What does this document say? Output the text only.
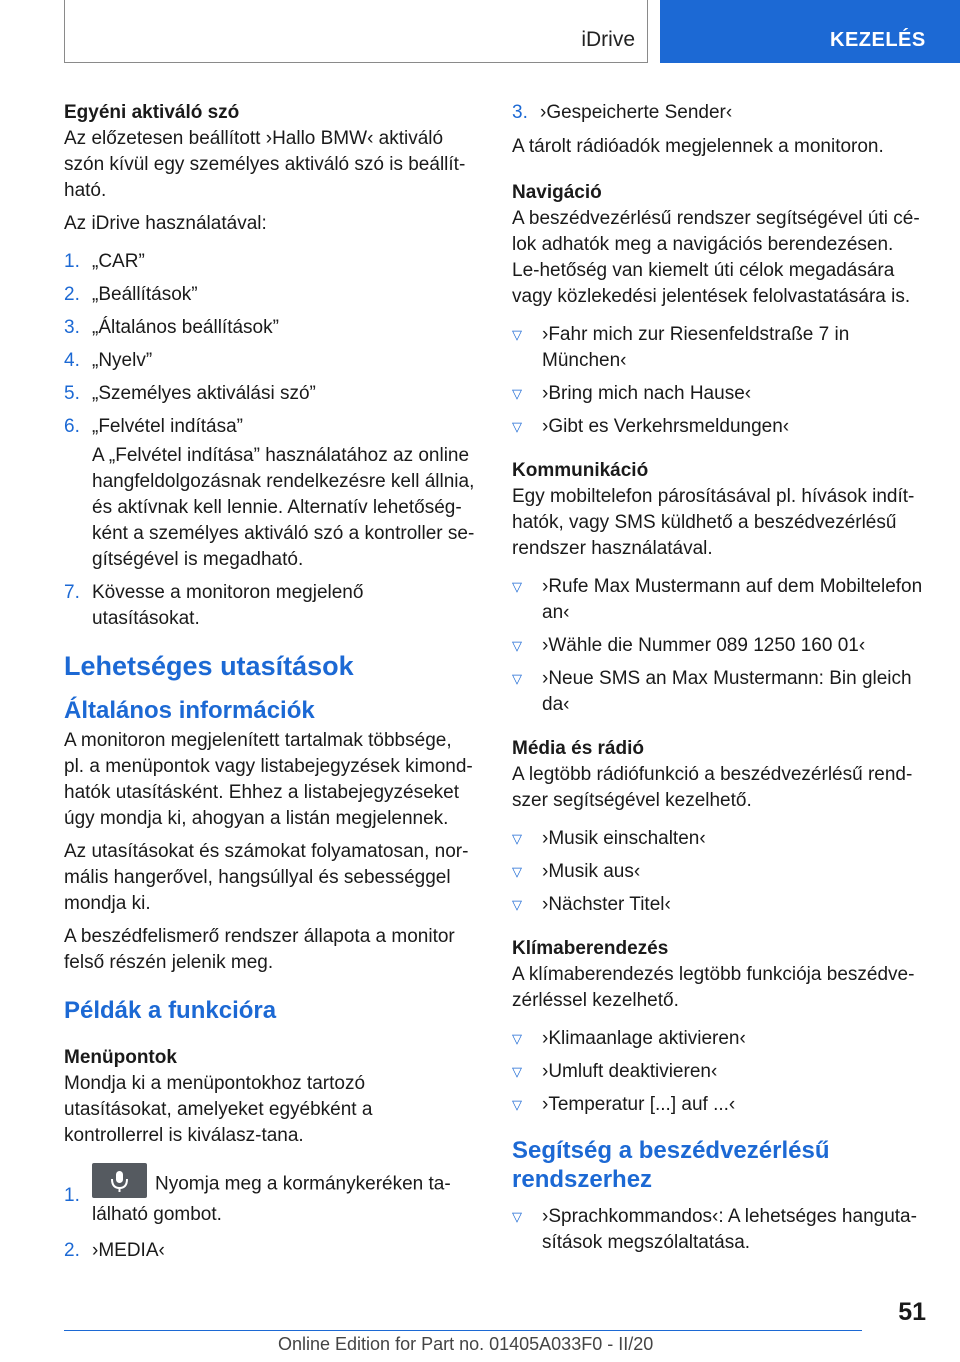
iDrive	KEZELÉS

Egyéni aktiváló szó

Az előzetesen beállított ›Hallo BMW‹ aktiváló szón kívül egy személyes aktiváló szó is beállít-ható.

Az iDrive használatával:

1. „CAR”
2. „Beállítások”
3. „Általános beállítások”
4. „Nyelv”
5. „Személyes aktiválási szó”
6. „Felvétel indítása”

A „Felvétel indítása” használatához az online hangfeldolgozásnak rendelkezésre kell állnia, és aktívnak kell lennie. Alternatív lehetőség-ként a személyes aktiváló szó a kontroller se-gítségével is megadható.

7. Kövesse a monitoron megjelenő utasításokat.
Lehetséges utasítások
Általános információk

A monitoron megjelenített tartalmak többsége, pl. a menüpontok vagy listabejegyzések kimond-hatók utasításként. Ehhez a listabejegyzéseket úgy mondja ki, ahogyan a listán megjelennek.

Az utasításokat és számokat folyamatosan, nor-mális hangerővel, hangsúllyal és sebességgel mondja ki.

A beszédfelismerő rendszer állapota a monitor felső részén jelenik meg.

Példák a funkcióra

Menüpontok

Mondja ki a menüpontokhoz tartozó utasításokat, amelyeket egyébként a kontrollerrel is kiválasz-tana.

1.
Nyomja meg a kormánykeréken ta-lálható gombot.
2. ›MEDIA‹
3. ›Gespeicherte Sender‹

A tárolt rádióadók megjelennek a monitoron.

Navigáció

A beszédvezérlésű rendszer segítségével úti cé-lok adhatók meg a navigációs berendezésen. Le-hetőség van kiemelt úti célok megadására vagy közlekedési jelentések felolvastatására is.

▽	›Fahr mich zur Riesenfeldstraße 7 in München‹
▽	›Bring mich nach Hause‹
▽	›Gibt es Verkehrsmeldungen‹

Kommunikáció

Egy mobiltelefon párosításával pl. hívások indít-hatók, vagy SMS küldhető a beszédvezérlésű rendszer használatával.

▽	›Rufe Max Mustermann auf dem Mobiltelefon an‹
▽	›Wähle die Nummer 089 1250 160 01‹
▽	›Neue SMS an Max Mustermann: Bin gleich da‹

Média és rádió

A legtöbb rádiófunkció a beszédvezérlésű rend-szer segítségével kezelhető.

▽	›Musik einschalten‹
▽	›Musik aus‹
▽	›Nächster Titel‹

Klímaberendezés

A klímaberendezés legtöbb funkciója beszédve-zérléssel kezelhető.

▽	›Klimaanlage aktivieren‹
▽	›Umluft deaktivieren‹
▽	›Temperatur [...] auf ...‹
Segítség a beszédvezérlésű rendszerhez
▽	›Sprachkommandos‹: A lehetséges hanguta-sítások megszólaltatása.
51
Online Edition for Part no. 01405A033F0 - II/20
